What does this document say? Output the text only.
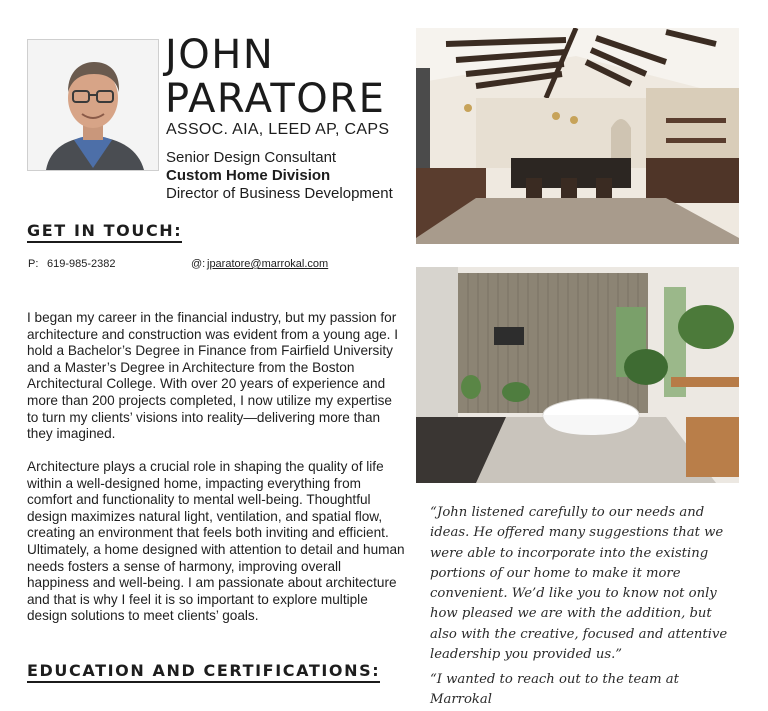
JOHN
PARATORE
ASSOC. AIA, LEED AP, CAPS
Senior Design Consultant
Custom Home Division
Director of Business Development
GET IN TOUCH:
P: 619-985-2382	@: jparatore@marrokal.com

I began my career in the financial industry, but my passion for architecture and construction was evident from a young age. I hold a Bachelor’s Degree in Finance from Fairfield University and a Master’s Degree in Architecture from the Boston Architectural College. With over 20 years of experience and more than 200 projects completed, I now utilize my expertise to turn my clients’ visions into reality—delivering more than they imagined.

Architecture plays a crucial role in shaping the quality of life within a well-designed home, impacting everything from comfort and functionality to mental well-being. Thoughtful design maximizes natural light, ventilation, and spatial flow, creating an environment that feels both inviting and efficient. Ultimately, a home designed with attention to detail and human needs fosters a sense of harmony, improving overall happiness and well-being. I am passionate about architecture and that is why I feel it is so important to explore multiple design solutions to meet clients’ goals.

EDUCATION AND CERTIFICATIONS:
“John listened carefully to our needs and ideas. He offered many suggestions that we were able to incorporate into the existing portions of our home to make it more convenient. We’d like you to know not only how pleased we are with the addition, but also with the creative, focused and attentive leadership you provided us.”
“I wanted to reach out to the team at Marrokal
